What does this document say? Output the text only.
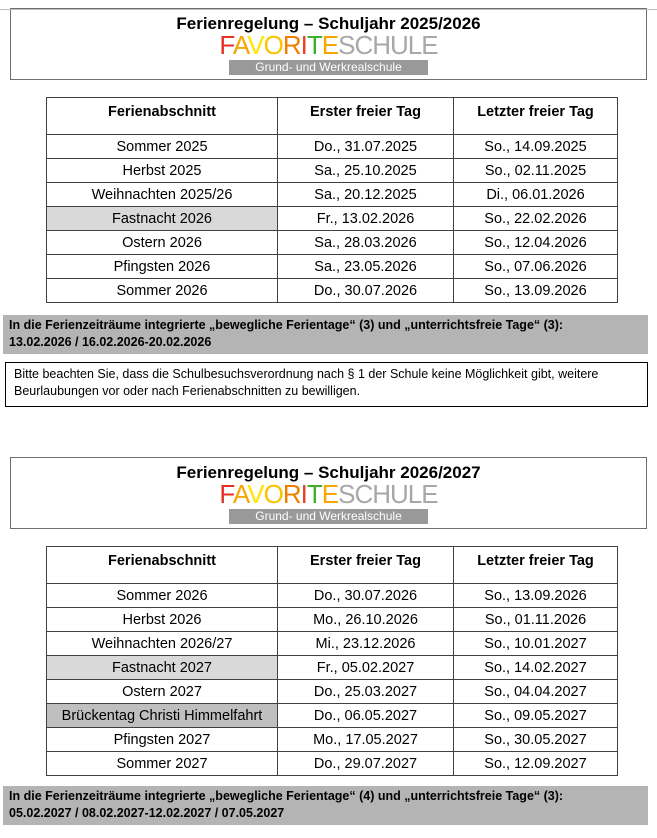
Ferienregelung – Schuljahr 2025/2026
FAVORITESCHULE
Grund- und Werkrealschule
Ferienabschnitt	Erster freier Tag	Letzter freier Tag
Sommer 2025	Do., 31.07.2025	So., 14.09.2025
Herbst 2025	Sa., 25.10.2025	So., 02.11.2025
Weihnachten 2025/26	Sa., 20.12.2025	Di., 06.01.2026
Fastnacht 2026	Fr., 13.02.2026	So., 22.02.2026
Ostern 2026	Sa., 28.03.2026	So., 12.04.2026
Pfingsten 2026	Sa., 23.05.2026	So., 07.06.2026
Sommer 2026	Do., 30.07.2026	So., 13.09.2026
In die Ferienzeiträume integrierte „bewegliche Ferientage“ (3) und „unterrichtsfreie Tage“ (3):
13.02.2026 / 16.02.2026-20.02.2026
Bitte beachten Sie, dass die Schulbesuchsverordnung nach § 1 der Schule keine Möglichkeit gibt, weitere Beurlaubungen vor oder nach Ferienabschnitten zu bewilligen.
Ferienregelung – Schuljahr 2026/2027
FAVORITESCHULE
Grund- und Werkrealschule
Ferienabschnitt	Erster freier Tag	Letzter freier Tag
Sommer 2026	Do., 30.07.2026	So., 13.09.2026
Herbst 2026	Mo., 26.10.2026	So., 01.11.2026
Weihnachten 2026/27	Mi., 23.12.2026	So., 10.01.2027
Fastnacht 2027	Fr., 05.02.2027	So., 14.02.2027
Ostern 2027	Do., 25.03.2027	So., 04.04.2027
Brückentag Christi Himmelfahrt	Do., 06.05.2027	So., 09.05.2027
Pfingsten 2027	Mo., 17.05.2027	So., 30.05.2027
Sommer 2027	Do., 29.07.2027	So., 12.09.2027
In die Ferienzeiträume integrierte „bewegliche Ferientage“ (4) und „unterrichtsfreie Tage“ (3):
05.02.2027 / 08.02.2027-12.02.2027 / 07.05.2027
